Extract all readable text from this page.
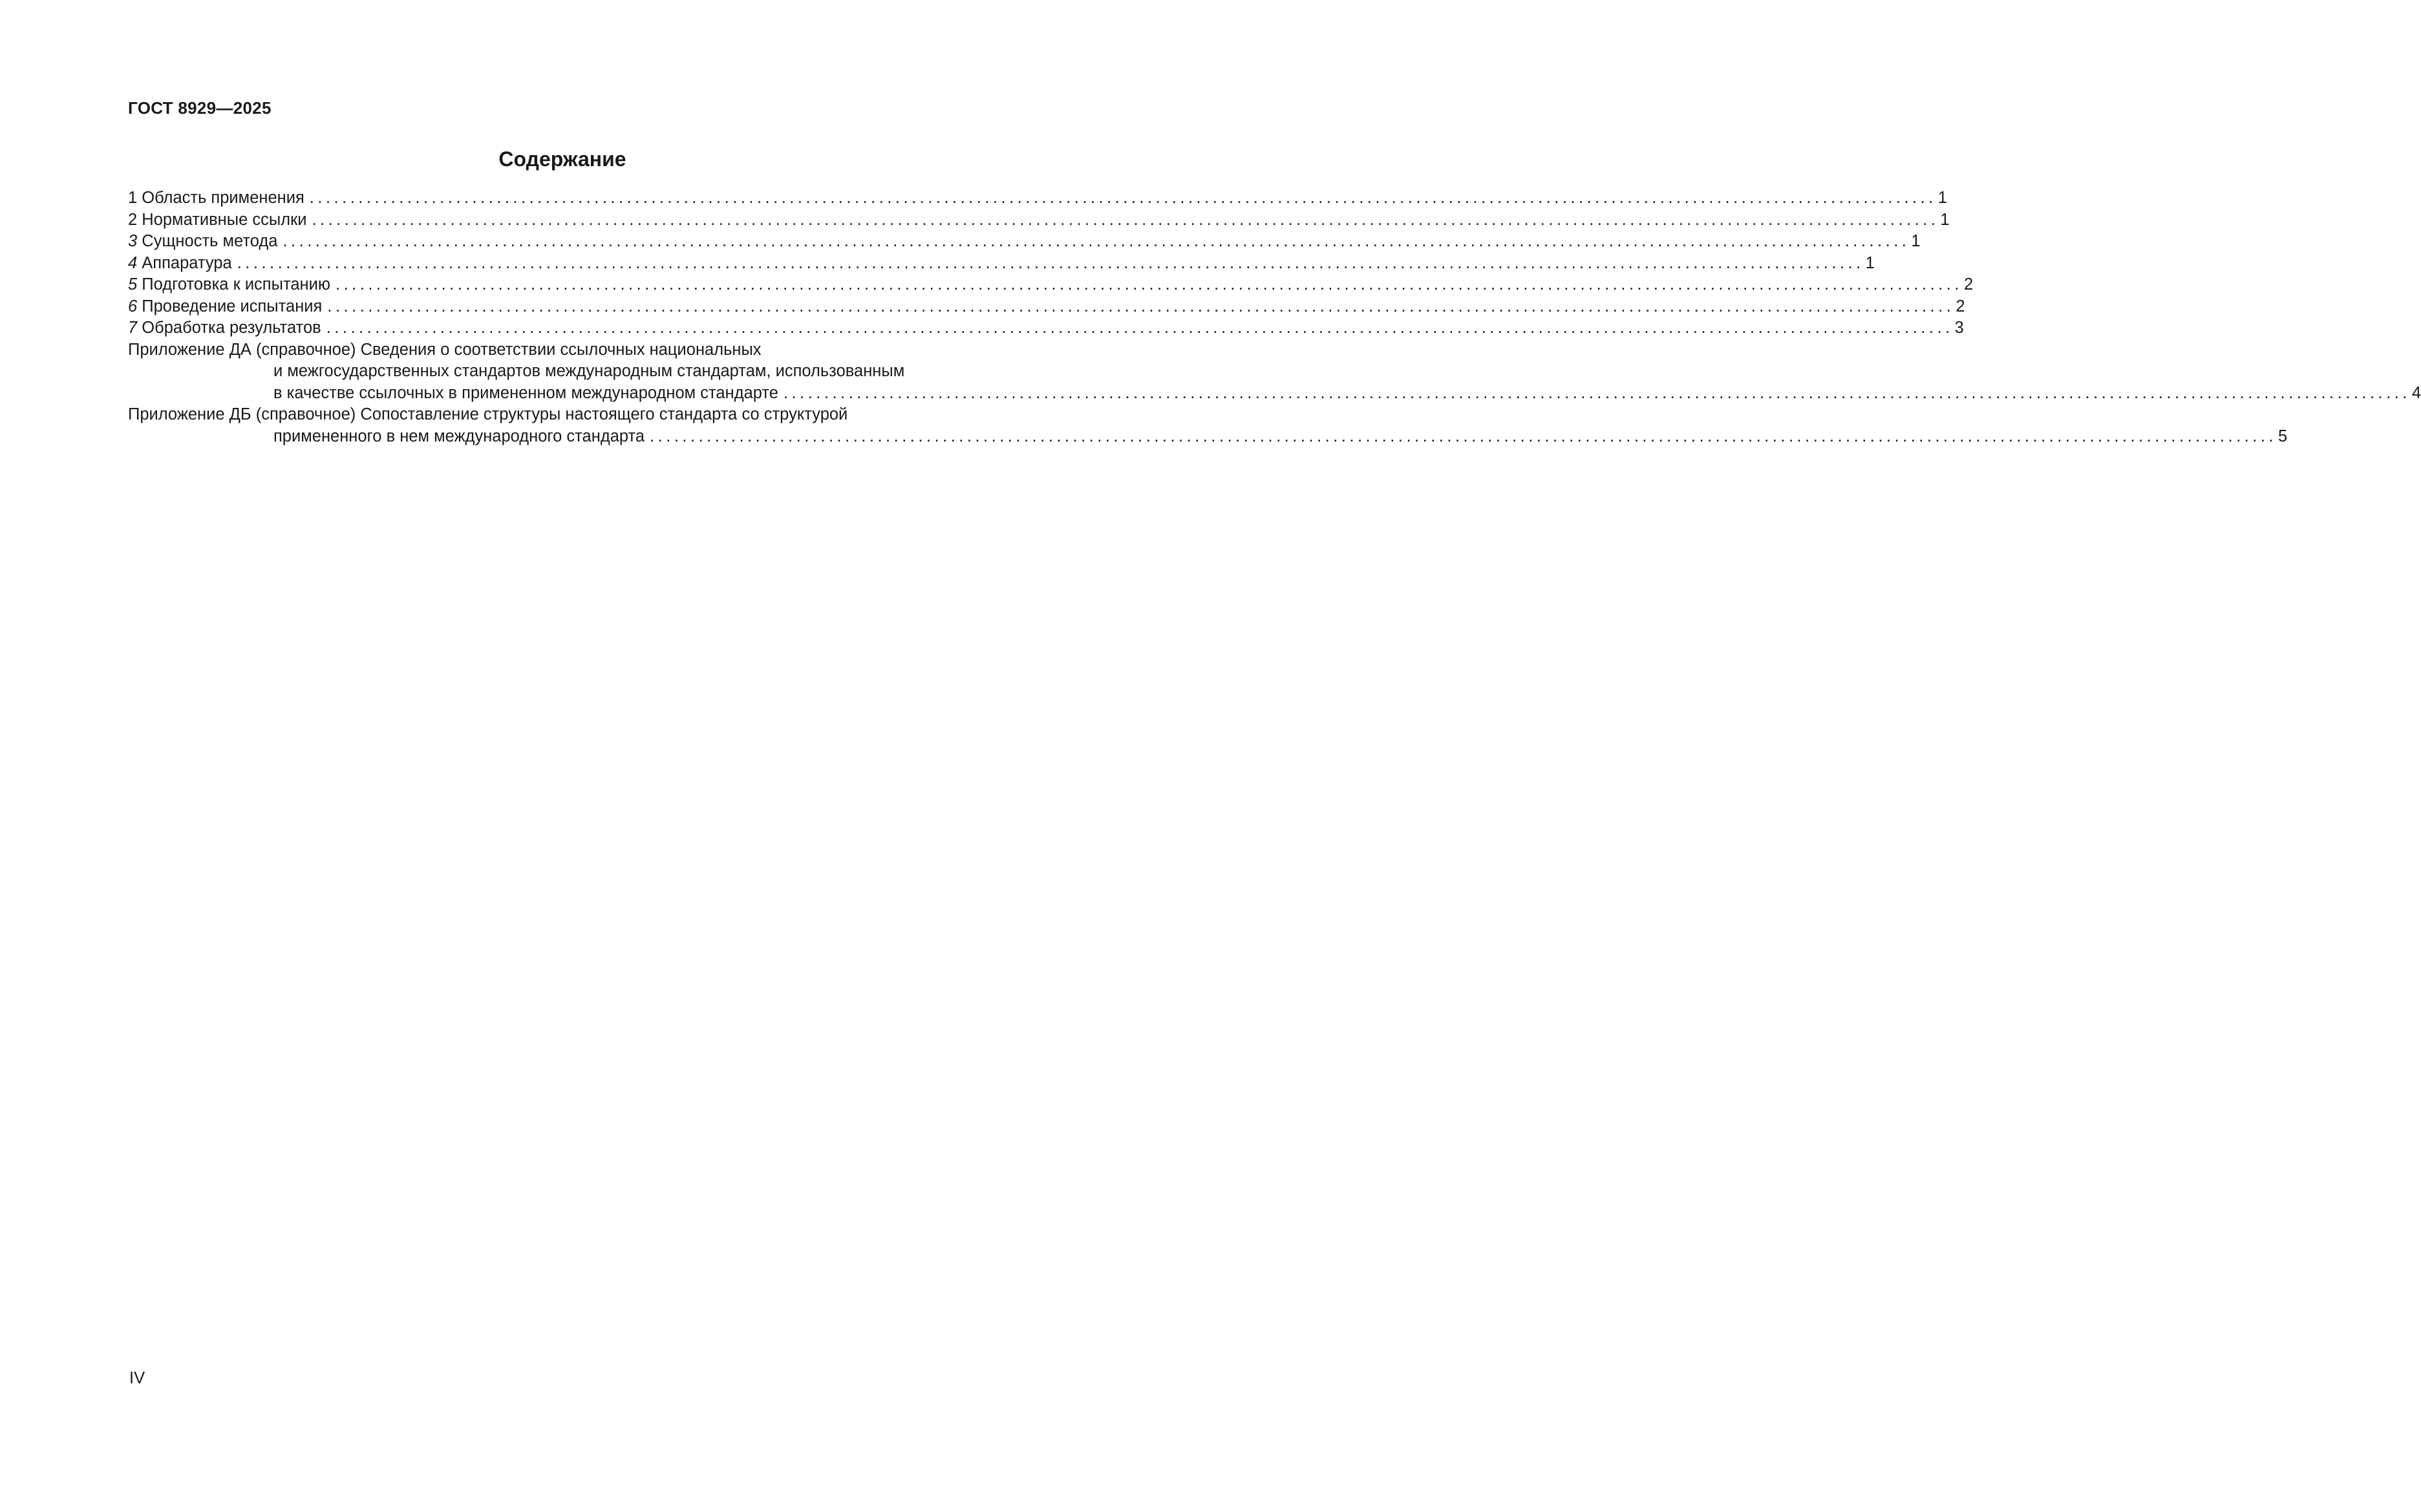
ГОСТ 8929—2025
Содержание
1 Область применения ........................................................................................................................................................................................................ 1
2 Нормативные ссылки ........................................................................................................................................................................................................ 1
3 Сущность метода ........................................................................................................................................................................................................ 1
4 Аппаратура ........................................................................................................................................................................................................ 1
5 Подготовка к испытанию ........................................................................................................................................................................................................ 2
6 Проведение испытания ........................................................................................................................................................................................................ 2
7 Обработка результатов ........................................................................................................................................................................................................ 3
Приложение ДА (справочное) Сведения о соответствии ссылочных национальных
и межгосударственных стандартов международным стандартам, использованным
в качестве ссылочных в примененном международном стандарте ........................................................................................................................................................................................................ 4
Приложение ДБ (справочное) Сопоставление структуры настоящего стандарта со структурой
примененного в нем международного стандарта ........................................................................................................................................................................................................ 5
IV
